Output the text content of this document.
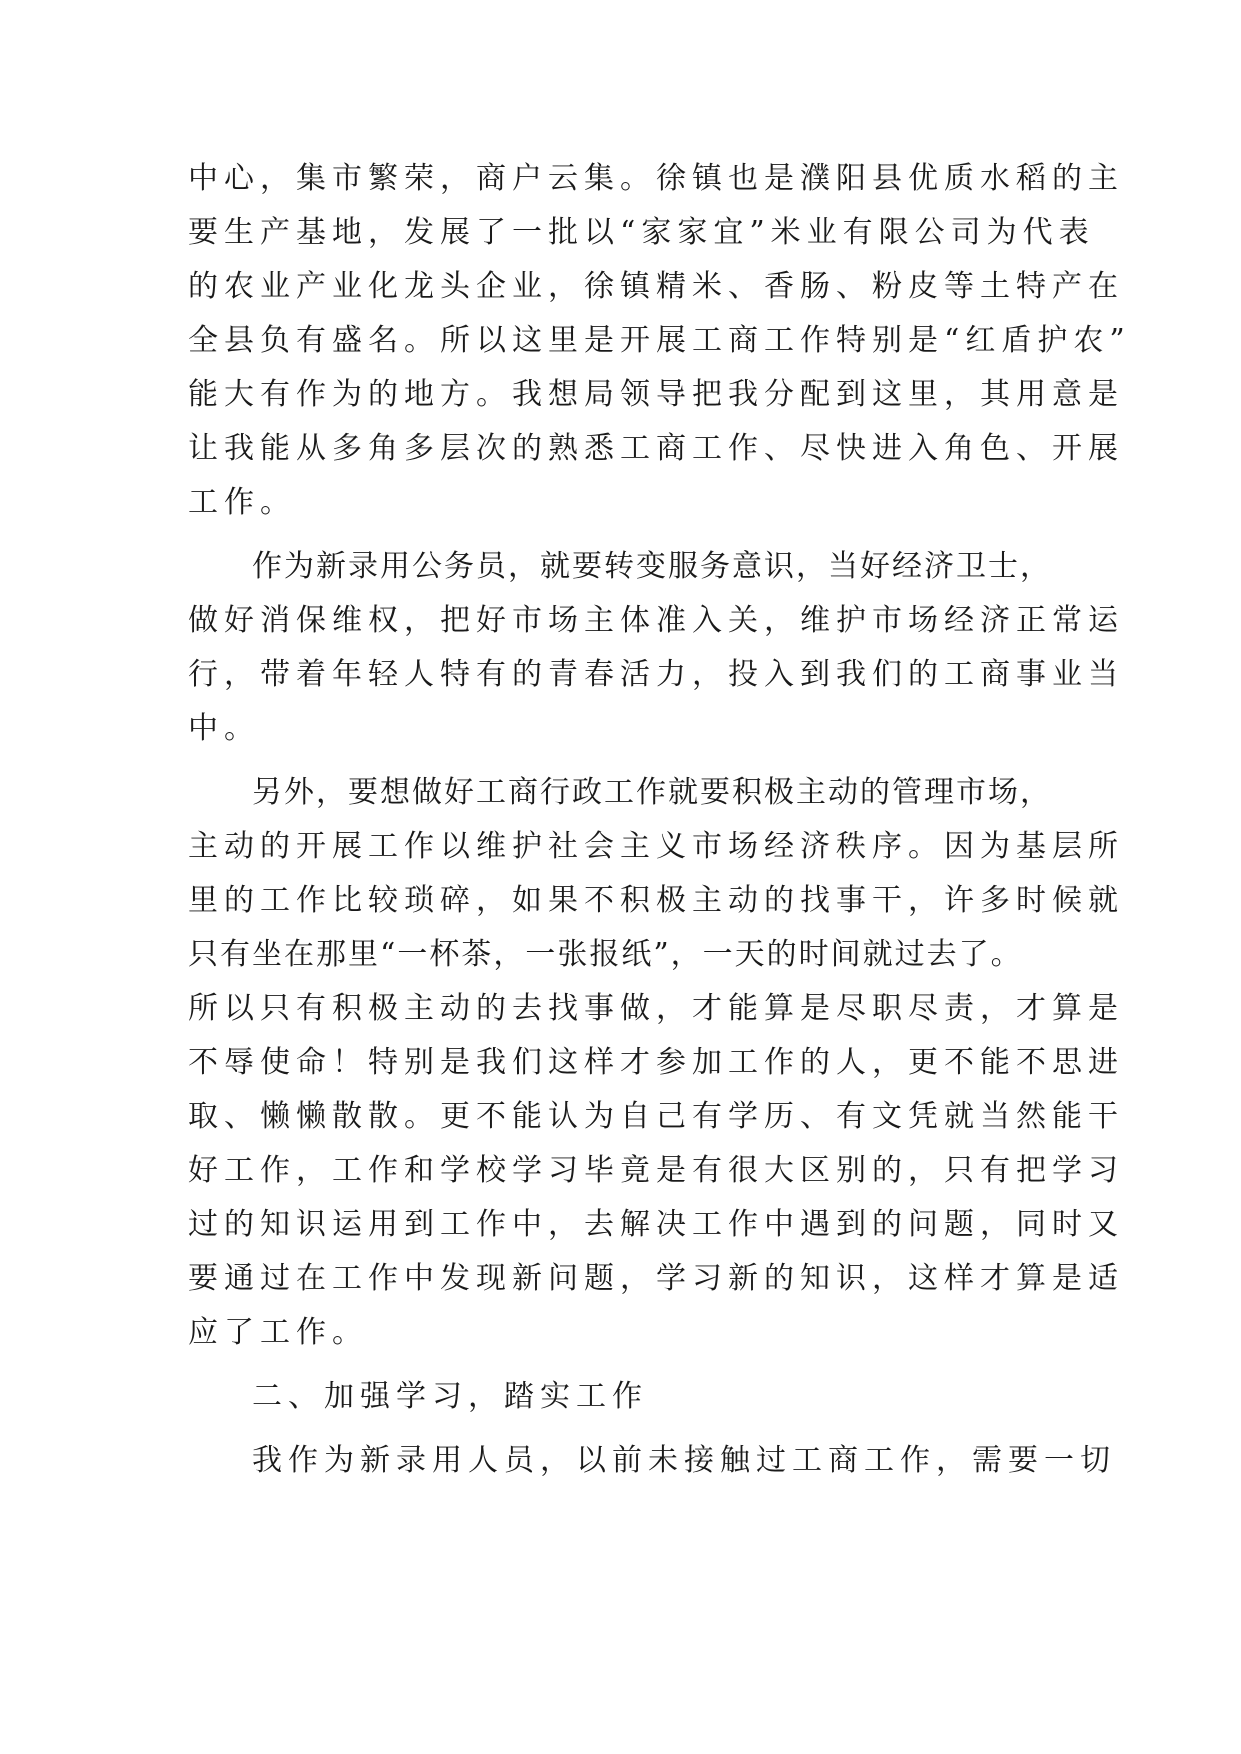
中心，集市繁荣，商户云集。徐镇也是濮阳县优质水稻的主
要生产基地，发展了一批以“家家宜”米业有限公司为代表
的农业产业化龙头企业，徐镇精米、香肠、粉皮等土特产在
全县负有盛名。所以这里是开展工商工作特别是“红盾护农”
能大有作为的地方。我想局领导把我分配到这里，其用意是
让我能从多角多层次的熟悉工商工作、尽快进入角色、开展
工作。
作为新录用公务员，就要转变服务意识，当好经济卫士，
做好消保维权，把好市场主体准入关，维护市场经济正常运
行，带着年轻人特有的青春活力，投入到我们的工商事业当
中。
另外，要想做好工商行政工作就要积极主动的管理市场，
主动的开展工作以维护社会主义市场经济秩序。因为基层所
里的工作比较琐碎，如果不积极主动的找事干，许多时候就
只有坐在那里“一杯茶，一张报纸”，一天的时间就过去了。
所以只有积极主动的去找事做，才能算是尽职尽责，才算是
不辱使命！特别是我们这样才参加工作的人，更不能不思进
取、懒懒散散。更不能认为自己有学历、有文凭就当然能干
好工作，工作和学校学习毕竟是有很大区别的，只有把学习
过的知识运用到工作中，去解决工作中遇到的问题，同时又
要通过在工作中发现新问题，学习新的知识，这样才算是适
应了工作。
二、加强学习，踏实工作
我作为新录用人员，以前未接触过工商工作，需要一切
